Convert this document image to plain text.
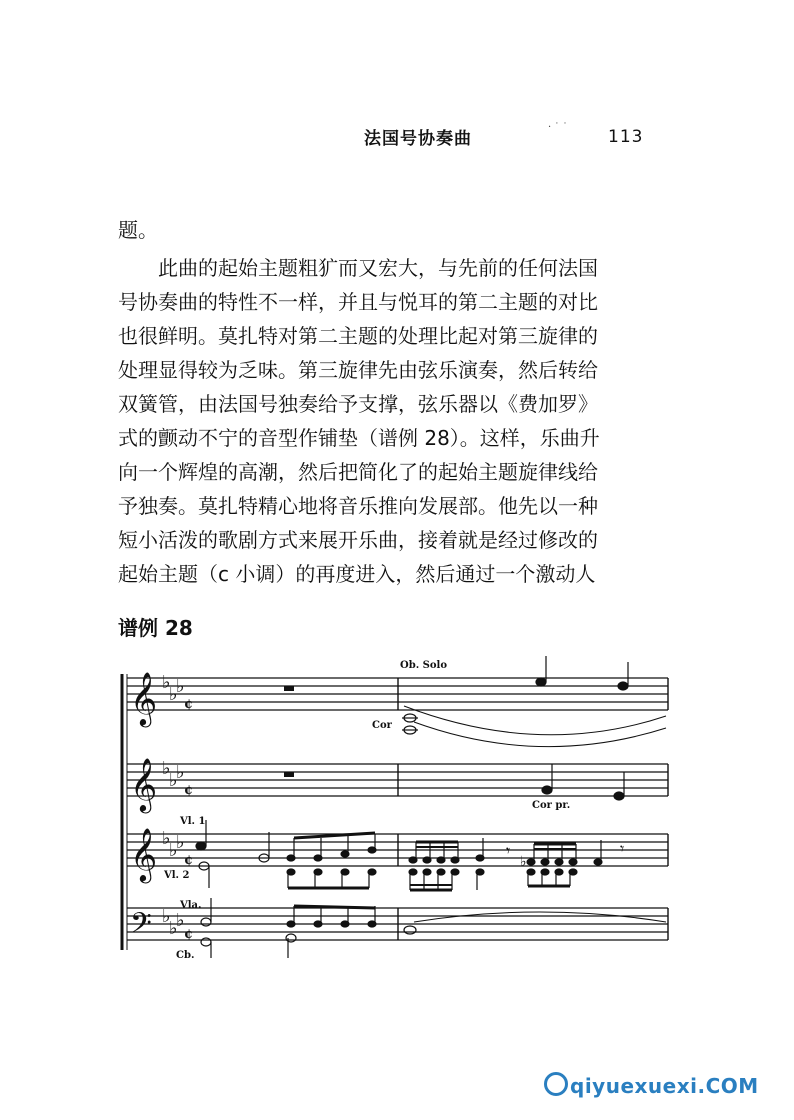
法国号协奏曲
· ˙ ˙ 113
题。
　　此曲的起始主题粗犷而又宏大，与先前的任何法国
号协奏曲的特性不一样，并且与悦耳的第二主题的对比
也很鲜明。莫扎特对第二主题的处理比起对第三旋律的
处理显得较为乏味。第三旋律先由弦乐演奏，然后转给
双簧管，由法国号独奏给予支撑，弦乐器以《费加罗》
式的颤动不宁的音型作铺垫（谱例 28）。这样，乐曲升
向一个辉煌的高潮，然后把简化了的起始主题旋律线给
予独奏。莫扎特精心地将音乐推向发展部。他先以一种
短小活泼的歌剧方式来展开乐曲，接着就是经过修改的
起始主题（c 小调）的再度进入，然后通过一个激动人
谱例 28
𝄞
𝄞
𝄞
𝄢
♭
♭
♭
♭
♭
♭
♭
♭
♭
♭
♭
♭
¢
¢
¢
¢
𝄾	𝄾
♭
Ob. Solo
Cor
Cor pr.
Vl. 1
Vl. 2
Vla.
Cb.
qiyuexuexi.COM
